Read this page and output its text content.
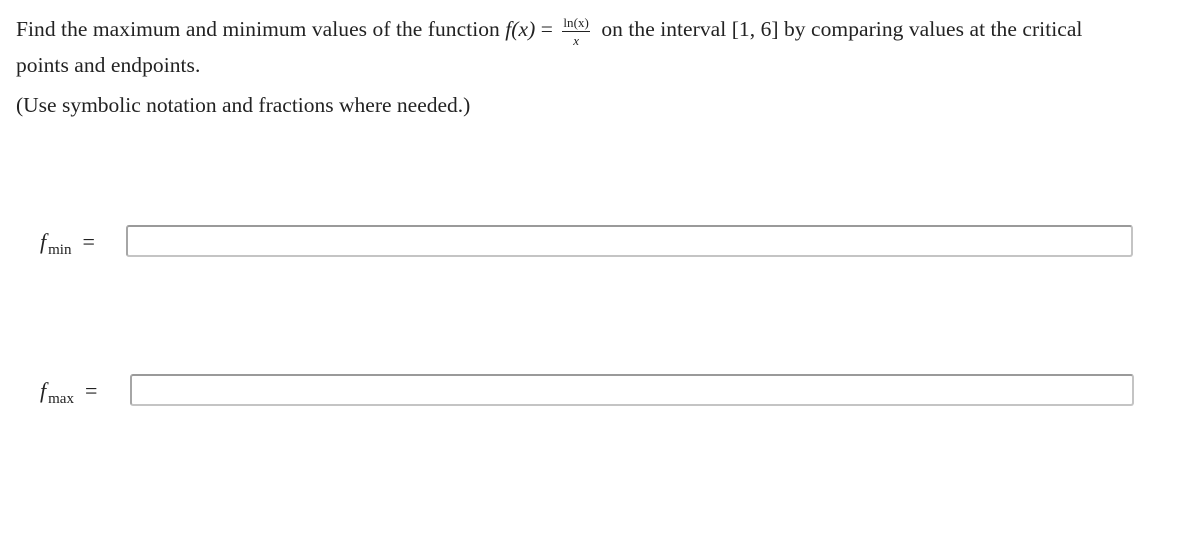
Find the maximum and minimum values of the function $f(x) = \frac{\ln(x)}{x}$ on the interval [1, 6] by comparing values at the critical

points and endpoints.

(Use symbolic notation and fractions where needed.)
f $_{min}$ =
f $_{max}$ =
